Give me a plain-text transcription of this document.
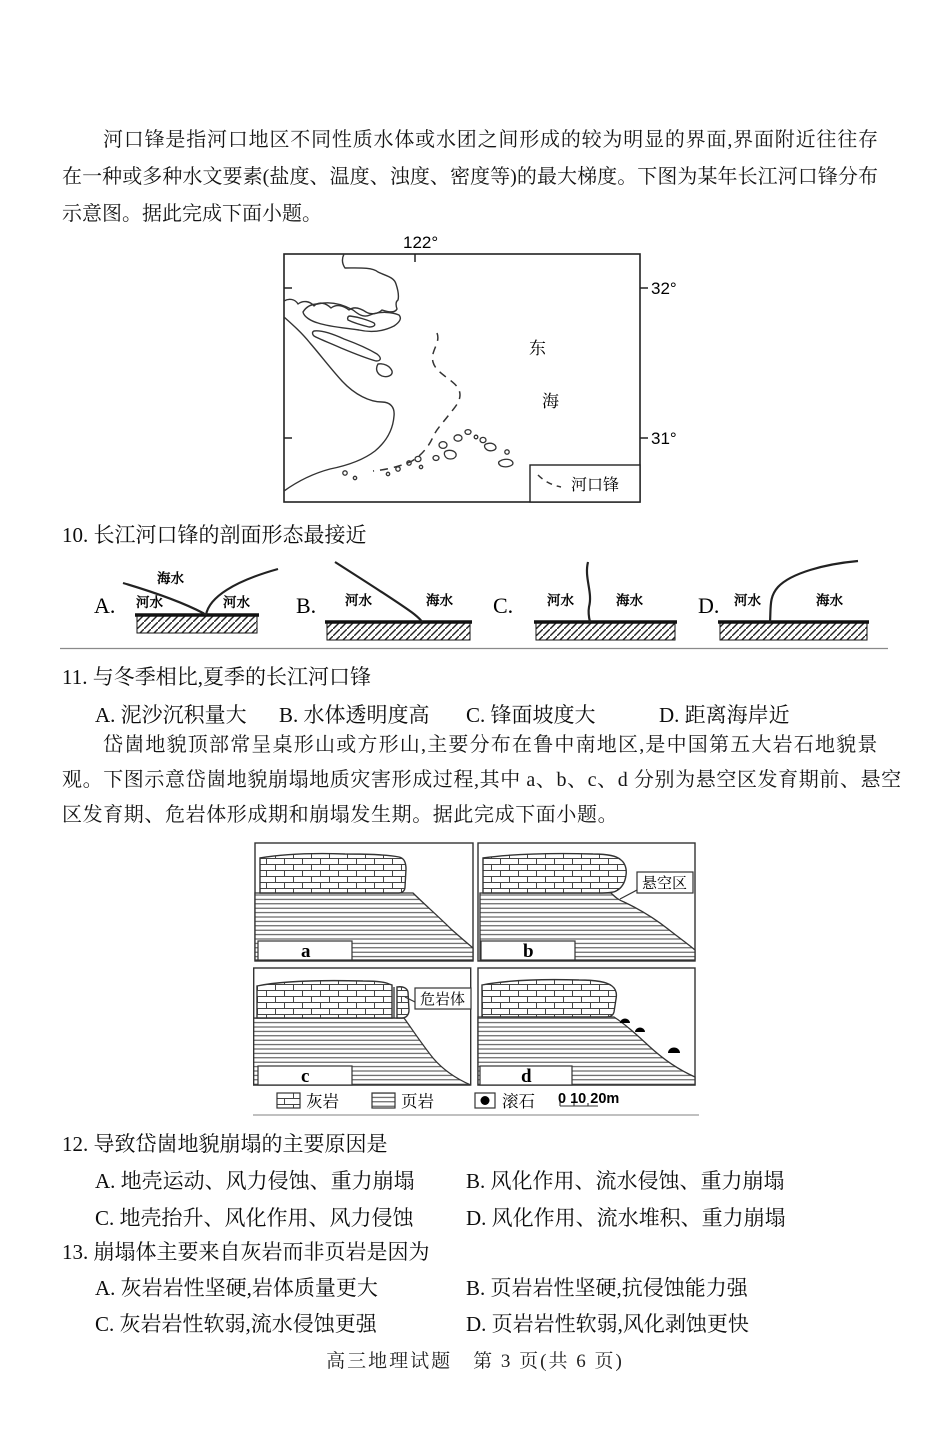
河口锋是指河口地区不同性质水体或水团之间形成的较为明显的界面,界面附近往往存
在一种或多种水文要素(盐度、温度、浊度、密度等)的最大梯度。下图为某年长江河口锋分布
示意图。据此完成下面小题。
122°
32°
31°
东
海
河口锋
10. 长江河口锋的剖面形态最接近
A.
海水
河水	河水 B. 河水	海水 C.	河水	海水	D. 河水	海水
11. 与冬季相比,夏季的长江河口锋
A. 泥沙沉积量大 B. 水体透明度高 C. 锋面坡度大	D. 距离海岸近
岱崮地貌顶部常呈桌形山或方形山,主要分布在鲁中南地区,是中国第五大岩石地貌景
观。下图示意岱崮地貌崩塌地质灾害形成过程,其中 a、b、c、d 分别为悬空区发育期前、悬空
区发育期、危岩体形成期和崩塌发生期。据此完成下面小题。
a
悬空区
b
危岩体
c	d
灰岩	页岩	滚石 0 10 20m
12. 导致岱崮地貌崩塌的主要原因是
A. 地壳运动、风力侵蚀、重力崩塌 B. 风化作用、流水侵蚀、重力崩塌
C. 地壳抬升、风化作用、风力侵蚀 D. 风化作用、流水堆积、重力崩塌
13. 崩塌体主要来自灰岩而非页岩是因为
A. 灰岩岩性坚硬,岩体质量更大	B. 页岩岩性坚硬,抗侵蚀能力强
C. 灰岩岩性软弱,流水侵蚀更强	D. 页岩岩性软弱,风化剥蚀更快
高三地理试题　第 3 页(共 6 页)
